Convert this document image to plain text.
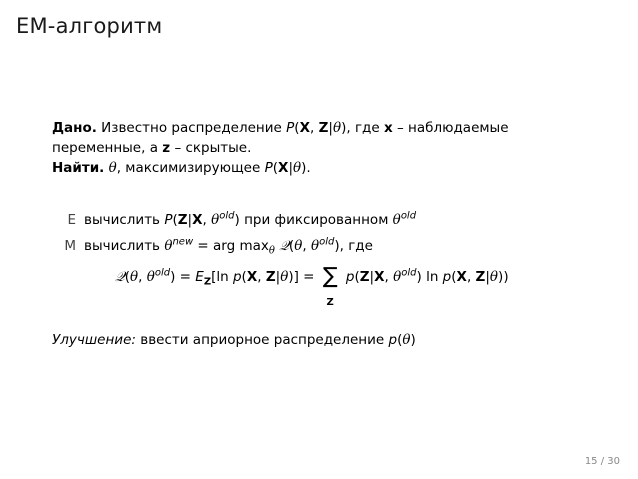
EM-алгоритм
Дано. Известно распределение P(X, Z|θ), где x – наблюдаемые
переменные, а z – скрытые.
Найти. θ, максимизирующее P(X|θ).
E вычислить P(Z|X, $\theta^{old}$) при фиксированном $\theta^{old}$
M вычислить $\theta^{new}$ = arg $\max_\theta$ 𝒬(θ, $\theta^{old}$), где
𝒬(θ, $\theta^{old}) = E_Z[\ln$ p(X, Z|θ)] = ∑
Z
p(Z|X, $\theta^{old}$) ln p(X, Z|θ))
Улучшение: ввести априорное распределение p(θ)
15 / 30
